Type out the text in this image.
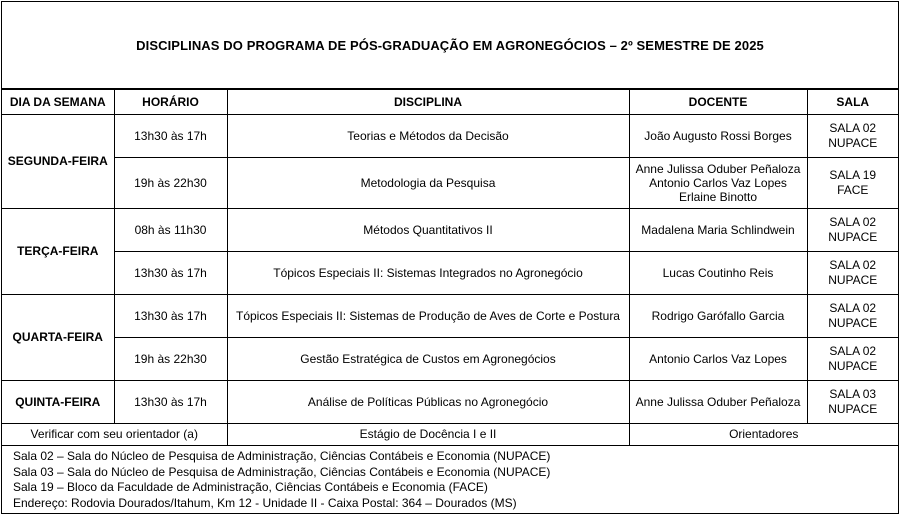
DISCIPLINAS DO PROGRAMA DE PÓS-GRADUAÇÃO EM AGRONEGÓCIOS – 2º SEMESTRE DE 2025
DIA DA SEMANA	HORÁRIO	DISCIPLINA	DOCENTE	SALA
SEGUNDA-FEIRA	13h30 às 17h	Teorias e Métodos da Decisão	João Augusto Rossi Borges	SALA 02
NUPACE

	19h às 22h30	Metodologia da Pesquisa	Anne Julissa Oduber Peñaloza
Antonio Carlos Vaz Lopes
Erlaine Binotto	SALA 19
FACE

TERÇA-FEIRA	08h às 11h30	Métodos Quantitativos II	Madalena Maria Schlindwein	SALA 02
NUPACE

	13h30 às 17h	Tópicos Especiais II: Sistemas Integrados no Agronegócio	Lucas Coutinho Reis	SALA 02
NUPACE

QUARTA-FEIRA	13h30 às 17h	Tópicos Especiais II: Sistemas de Produção de Aves de Corte e Postura	Rodrigo Garófallo Garcia	SALA 02
NUPACE

	19h às 22h30	Gestão Estratégica de Custos em Agronegócios	Antonio Carlos Vaz Lopes	SALA 02
NUPACE

QUINTA-FEIRA	13h30 às 17h	Análise de Políticas Públicas no Agronegócio	Anne Julissa Oduber Peñaloza	SALA 03
NUPACE

Verificar com seu orientador (a)		Estágio de Docência I e II	Orientadores	
Sala 02 – Sala do Núcleo de Pesquisa de Administração, Ciências Contábeis e Economia (NUPACE)
Sala 03 – Sala do Núcleo de Pesquisa de Administração, Ciências Contábeis e Economia (NUPACE)
Sala 19 – Bloco da Faculdade de Administração, Ciências Contábeis e Economia (FACE)
Endereço: Rodovia Dourados/Itahum, Km 12 - Unidade II - Caixa Postal: 364 – Dourados (MS)
